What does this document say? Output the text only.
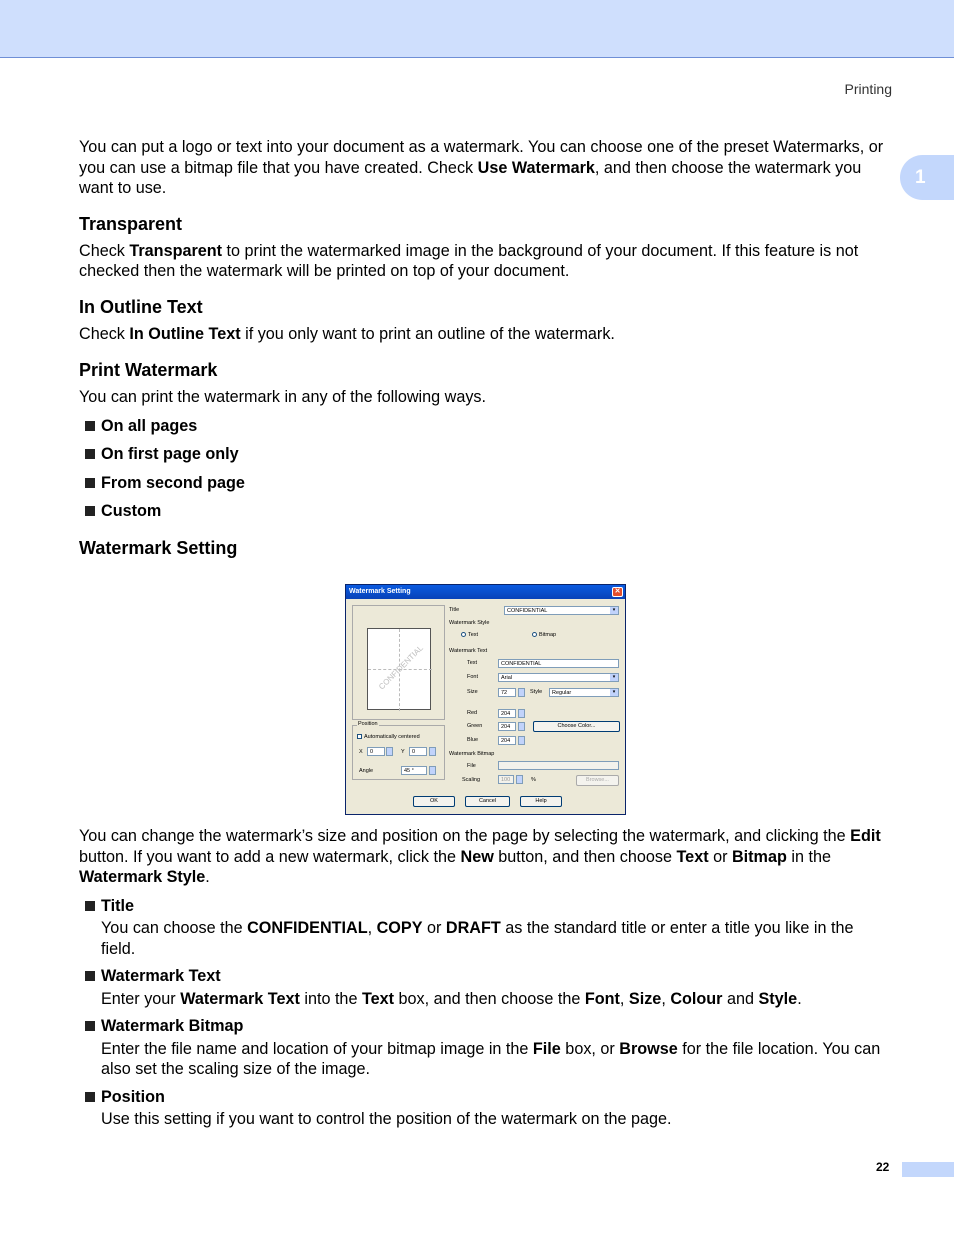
Printing
1

You can put a logo or text into your document as a watermark. You can choose one of the preset Watermarks, or you can use a bitmap file that you have created. Check Use Watermark, and then choose the watermark you want to use.

Transparent

Check Transparent to print the watermarked image in the background of your document. If this feature is not checked then the watermark will be printed on top of your document.

In Outline Text

Check In Outline Text if you only want to print an outline of the watermark.

Print Watermark

You can print the watermark in any of the following ways.

On all pages

On first page only

From second page

Custom

Watermark Setting

Watermark Setting	✕
CONFIDENTIAL
Position
Automatically centered
X	0	Y	0
Angle	45 °
Title	CONFIDENTIAL	▾
Watermark Style
Text	Bitmap
Watermark Text
Text	CONFIDENTIAL
Font	Arial	▾
Size	72	Style	Regular	▾
Red	204
Green	204	Choose Color...
Blue	204
Watermark Bitmap
File
Scaling	100	%	Browse...
OK	Cancel	Help

You can change the watermark’s size and position on the page by selecting the watermark, and clicking the Edit button. If you want to add a new watermark, click the New button, and then choose Text or Bitmap in the Watermark Style.

Title

You can choose the CONFIDENTIAL, COPY or DRAFT as the standard title or enter a title you like in the field.

Watermark Text

Enter your Watermark Text into the Text box, and then choose the Font, Size, Colour and Style.

Watermark Bitmap

Enter the file name and location of your bitmap image in the File box, or Browse for the file location. You can also set the scaling size of the image.

Position

Use this setting if you want to control the position of the watermark on the page.

22
